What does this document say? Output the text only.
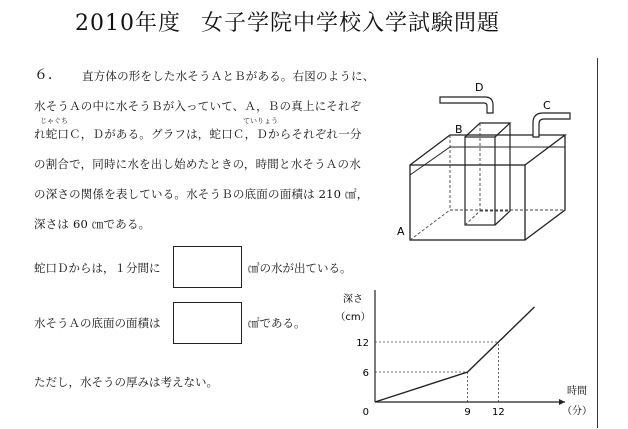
2010年度 女子学院中学校入学試験問題
６． 直方体の形をした水そうＡとＢがある。右図のように、
水そうＡの中に水そうＢが入っていて、Ａ，Ｂの真上にそれぞ
じゃぐち	ていりょう
れ蛇口Ｃ，Ｄがある。グラフは，蛇口Ｃ，Ｄからそれぞれ一分
の割合で，同時に水を出し始めたときの，時間と水そうＡの水
の深さの関係を表している。水そうＢの底面の面積は 210 ㎠，
深さは 60 ㎝である。
蛇口Ｄからは，１分間に	㎤の水が出ている。
水そうＡの底面の面積は	㎠である。
ただし，水そうの厚みは考えない。
D
C
B
A
9 12
6
12
0
深さ
（cm）
時間
（分）
